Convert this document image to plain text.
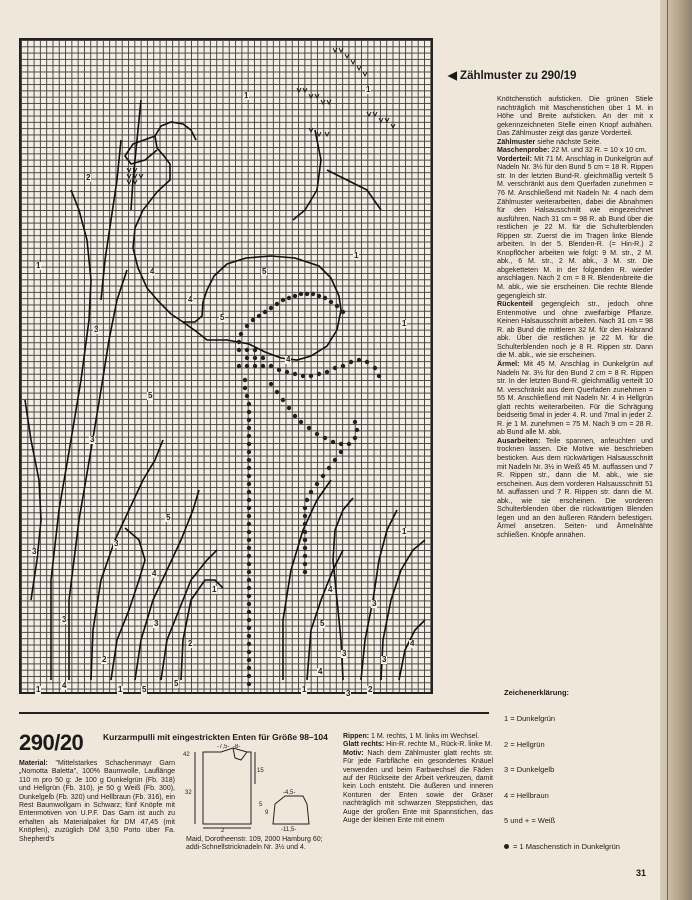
1
1
2
1
3
4
4
5
5
4
1
1
5
3
3
3
3
2
1
4
3
5
2
1 5
5
3
4
3
1
3
4
1	2
4	5
1	4
3
◀ Zählmuster zu 290/19
Knötchenstich aufsticken. Die grünen Stiele nachträglich mit Maschenstichen über 1 M. in Höhe und Breite aufsticken. An der mit x gekennzeichneten Stelle einen Knopf aufnähen. Das Zählmuster zeigt das ganze Vorderteil.
Zählmuster siehe nächste Seite.
Maschenprobe: 22 M. und 32 R. = 10 x 10 cm.
Vorderteil: Mit 71 M. Anschlag in Dunkelgrün auf Nadeln Nr. 3½ für den Bund 5 cm = 18 R. Rippen str. In der letzten Bund-R. gleichmäßig verteilt 5 M. verschränkt aus dem Querfaden zunehmen = 76 M. Anschließend mit Nadeln Nr. 4 nach dem Zählmuster weiterarbeiten, dabei die Abnahmen für den Halsausschnitt wie eingezeichnet ausführen. Nach 31 cm = 98 R. ab Bund über die restlichen je 22 M. für die Schulterblenden Rippen str. Zuerst die im Tragen linke Blende arbeiten. In der 5. Blenden-R. (= Hin-R.) 2 Knopflöcher arbeiten wie folgt: 9 M. str., 2 M. abk., 6 M. str., 2 M. abk., 3 M. str. Die abgeketteten M. in der folgenden R. wieder anschlagen. Nach 2 cm = 8 R. Blendenbreite die M. abk., wie sie erscheinen. Die rechte Blende gegengleich str.
Rückenteil gegengleich str., jedoch ohne Entenmotive und ohne zweifarbige Pflanze. Keinen Halsausschnitt arbeiten. Nach 31 cm = 98 R. ab Bund die mittleren 32 M. für den Halsrand abk. Über die restlichen je 22 M. für die Schulterblenden noch je 8 R. Rippen str. Dann die M. abk., wie sie erscheinen.
Ärmel: Mit 45 M. Anschlag in Dunkelgrün auf Nadeln Nr. 3½ für den Bund 2 cm = 8 R. Rippen str. In der letzten Bund-R. gleichmäßig verteilt 10 M. verschränkt aus dem Querfaden zunehmen = 55 M. Anschließend mit Nadeln Nr. 4 in Hellgrün glatt rechts weiterarbeiten. Für die Schrägung beidseitig 5mal in jeder 4. R. und 7mal in jeder 2. R. je 1 M. zunehmen = 75 M. Nach 9 cm = 28 R. ab Bund alle M. abk.
Ausarbeiten: Teile spannen, anfeuchten und trocknen lassen. Die Motive wie beschrieben besticken. Aus dem rückwärtigen Halsausschnitt mit Nadeln Nr. 3½ in Weiß 45 M. auffassen und 7 R. Rippen str., dann die M. abk., wie sie erscheinen. Aus dem vorderen Halsausschnitt 51 M. auffassen und 7 R. Rippen str. dann die M. abk., wie sie erscheinen. Die vorderen Schulterblenden über die rückwärtigen Blenden legen und an den äußeren Rändern befestigen. Ärmel ansetzen. Seiten- und Ärmelnähte schließen. Knöpfe annähen.
Zeichenerklärung:
1 = Dunkelgrün
2 = Hellgrün
3 = Dunkelgelb
4 = Hellbraun
5 und + = Weiß
= 1 Maschenstich in Dunkelgrün
31
290/20 Kurzarmpulli mit eingestrickten Enten für Größe 98–104
Material: "Mittelstarkes Schachenmayr Garn „Nomotta Baletta", 100% Baumwolle, Lauflänge 110 m pro 50 g: Je 100 g Dunkelgrün (Fb. 318) und Hellgrün (Fb. 310), je 50 g Weiß (Fb. 300), Dunkelgelb (Fb. 320) und Hellbraun (Fb. 316), ein Rest Baumwollgarn in Schwarz; fünf Knöpfe mit Entenmotiven von U.P.F. Das Garn ist auch zu erhalten als Materialpaket für DM 47,45 (mit Knöpfen), zuzüglich DM 3,50 Porto über Fa. Shepherd's
-7,5- -8-
42
32
15
2
5
9
-4,5-
-11,5-
Maid, Dorotheenstr. 109, 2000 Hamburg 60; addi-Schnellstricknadeln Nr. 3½ und 4.
Rippen: 1 M. rechts, 1 M. links im Wechsel.
Glatt rechts: Hin-R. rechte M., Rück-R. linke M.
Motiv: Nach dem Zählmuster glatt rechts str. Für jede Farbfläche ein gesondertes Knäuel verwenden und beim Farbwechsel die Fäden auf der Rückseite der Arbeit verkreuzen, damit kein Loch entsteht. Die äußeren und inneren Konturen der Enten sowie der Gräser nachträglich mit schwarzen Steppstichen, das Auge der großen Ente mit Spannstichen, das Auge der kleinen Ente mit einem
